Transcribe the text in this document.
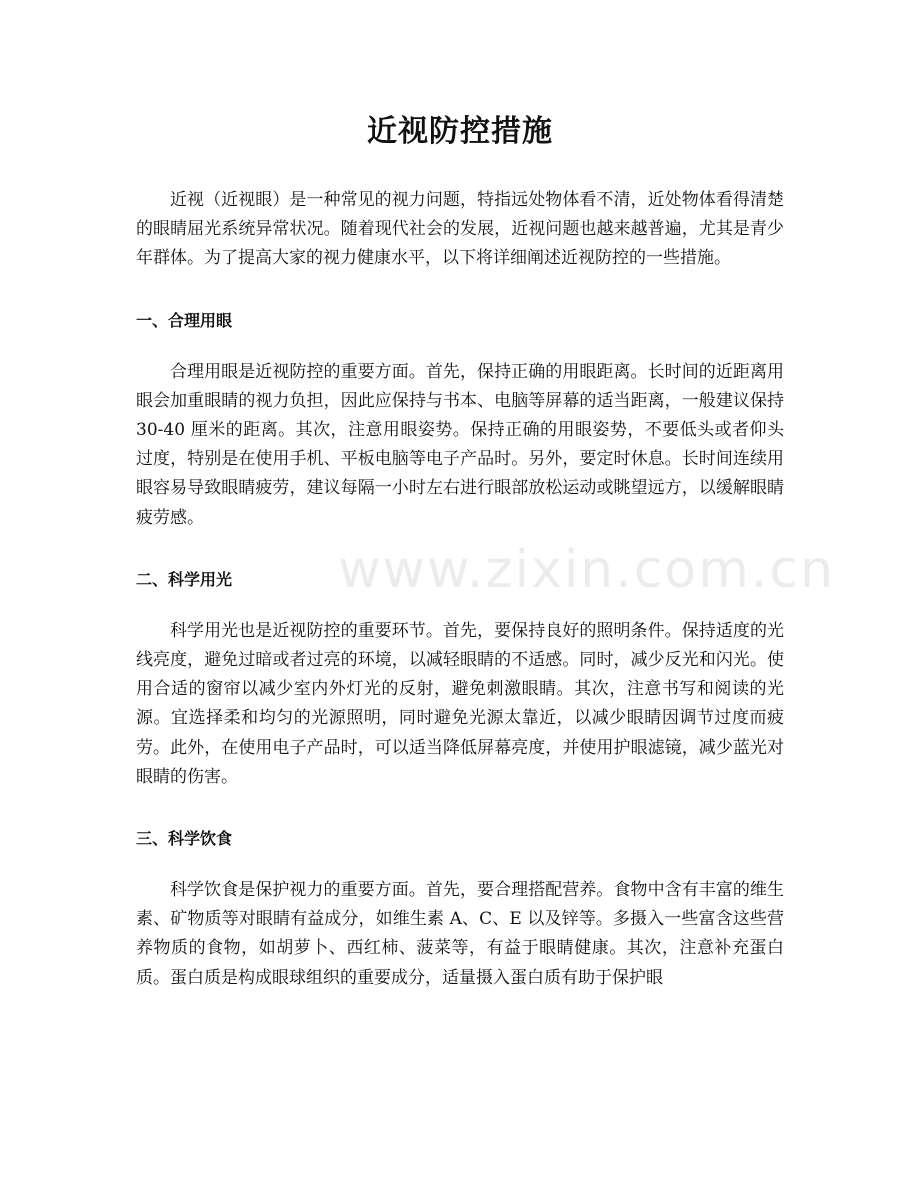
近视防控措施

近视（近视眼）是一种常见的视力问题，特指远处物体看不清，近处物体看得清楚的眼睛屈光系统异常状况。随着现代社会的发展，近视问题也越来越普遍，尤其是青少年群体。为了提高大家的视力健康水平，以下将详细阐述近视防控的一些措施。

一、合理用眼

合理用眼是近视防控的重要方面。首先，保持正确的用眼距离。长时间的近距离用眼会加重眼睛的视力负担，因此应保持与书本、电脑等屏幕的适当距离，一般建议保持 30-40 厘米的距离。其次，注意用眼姿势。保持正确的用眼姿势，不要低头或者仰头过度，特别是在使用手机、平板电脑等电子产品时。另外，要定时休息。长时间连续用眼容易导致眼睛疲劳，建议每隔一小时左右进行眼部放松运动或眺望远方，以缓解眼睛疲劳感。

二、科学用光

科学用光也是近视防控的重要环节。首先，要保持良好的照明条件。保持适度的光线亮度，避免过暗或者过亮的环境，以减轻眼睛的不适感。同时，减少反光和闪光。使用合适的窗帘以减少室内外灯光的反射，避免刺激眼睛。其次，注意书写和阅读的光源。宜选择柔和均匀的光源照明，同时避免光源太靠近，以减少眼睛因调节过度而疲劳。此外，在使用电子产品时，可以适当降低屏幕亮度，并使用护眼滤镜，减少蓝光对眼睛的伤害。

三、科学饮食

科学饮食是保护视力的重要方面。首先，要合理搭配营养。食物中含有丰富的维生素、矿物质等对眼睛有益成分，如维生素 A、C、E 以及锌等。多摄入一些富含这些营养物质的食物，如胡萝卜、西红柿、菠菜等，有益于眼睛健康。其次，注意补充蛋白质。蛋白质是构成眼球组织的重要成分，适量摄入蛋白质有助于保护眼

www.zixin.com.cn
